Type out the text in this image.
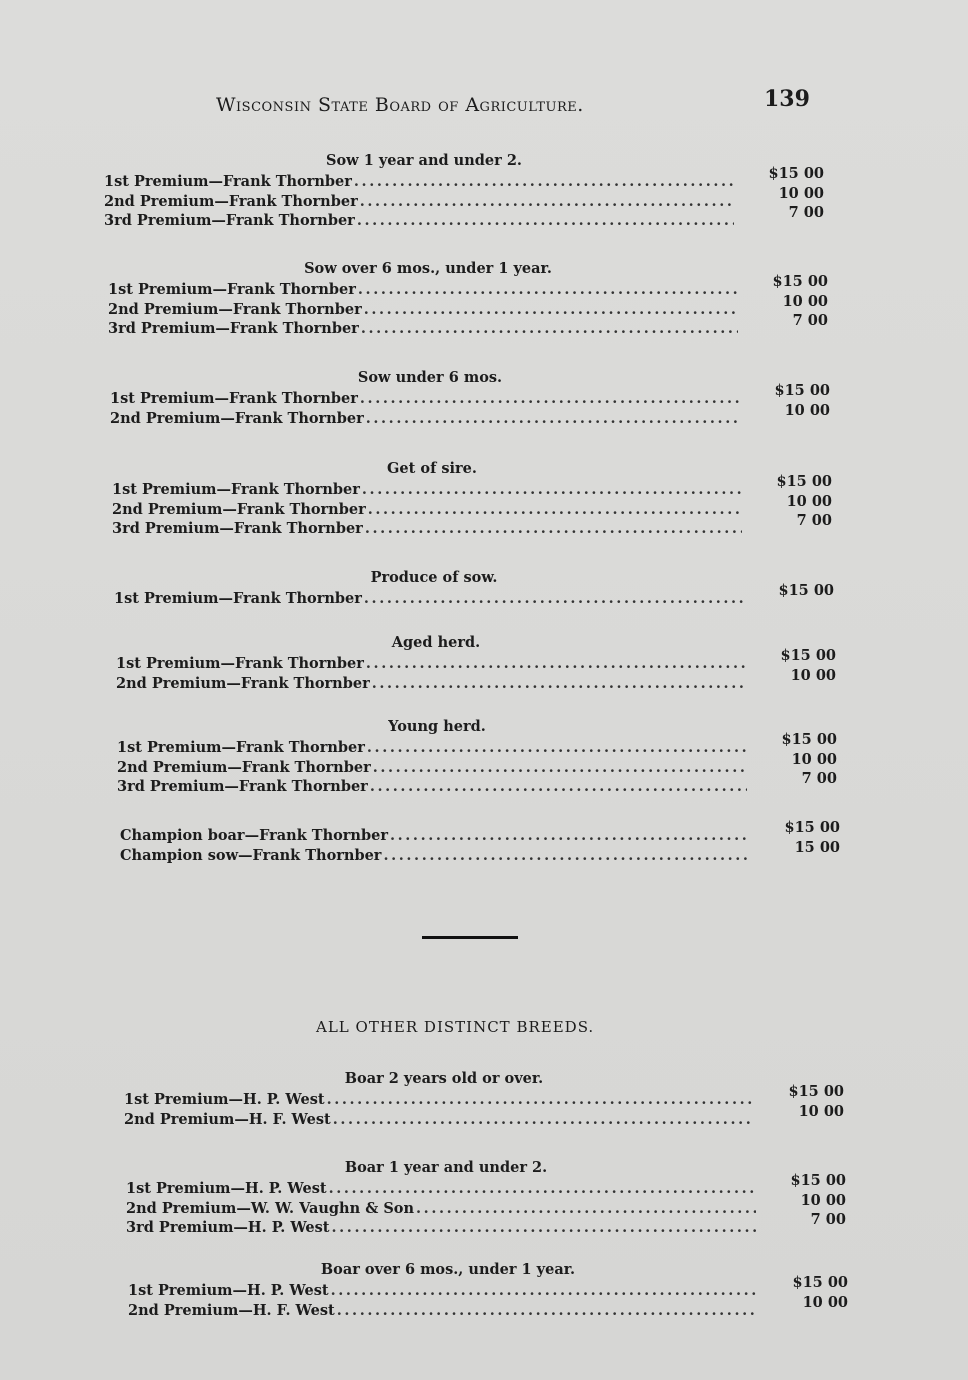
Wisconsin State Board of Agriculture.	139
Sow 1 year and under 2.
1st Premium—Frank Thornber
.....
2nd Premium—Frank Thornber
.....
3rd Premium—Frank Thornber
.....
$15 00
10 00
7 00
Sow over 6 mos., under 1 year.
1st Premium—Frank Thornber
.....
2nd Premium—Frank Thornber
.....
3rd Premium—Frank Thornber
.....
$15 00
10 00
7 00
Sow under 6 mos.
1st Premium—Frank Thornber
.....
2nd Premium—Frank Thornber
.....
$15 00
10 00
Get of sire.
1st Premium—Frank Thornber
.....
2nd Premium—Frank Thornber
.....
3rd Premium—Frank Thornber
.....
$15 00
10 00
7 00
Produce of sow.
1st Premium—Frank Thornber
.....	$15 00
Aged herd.
1st Premium—Frank Thornber
.....
2nd Premium—Frank Thornber
.....
$15 00
10 00
Young herd.
1st Premium—Frank Thornber
.....
2nd Premium—Frank Thornber
.....
3rd Premium—Frank Thornber
.....
$15 00
10 00
7 00
Champion boar—Frank Thornber
.....
Champion sow—Frank Thornber
.....
$15 00
15 00
Boar 2 years old or over.
1st Premium—H. P. West
.....
2nd Premium—H. F. West
.....
$15 00
10 00
Boar 1 year and under 2.
1st Premium—H. P. West
.....
2nd Premium—W. W. Vaughn & Son
.....
3rd Premium—H. P. West
.....
$15 00
10 00
7 00
Boar over 6 mos., under 1 year.
1st Premium—H. P. West
.....
2nd Premium—H. F. West
.....
$15 00
10 00
ALL OTHER DISTINCT BREEDS.
